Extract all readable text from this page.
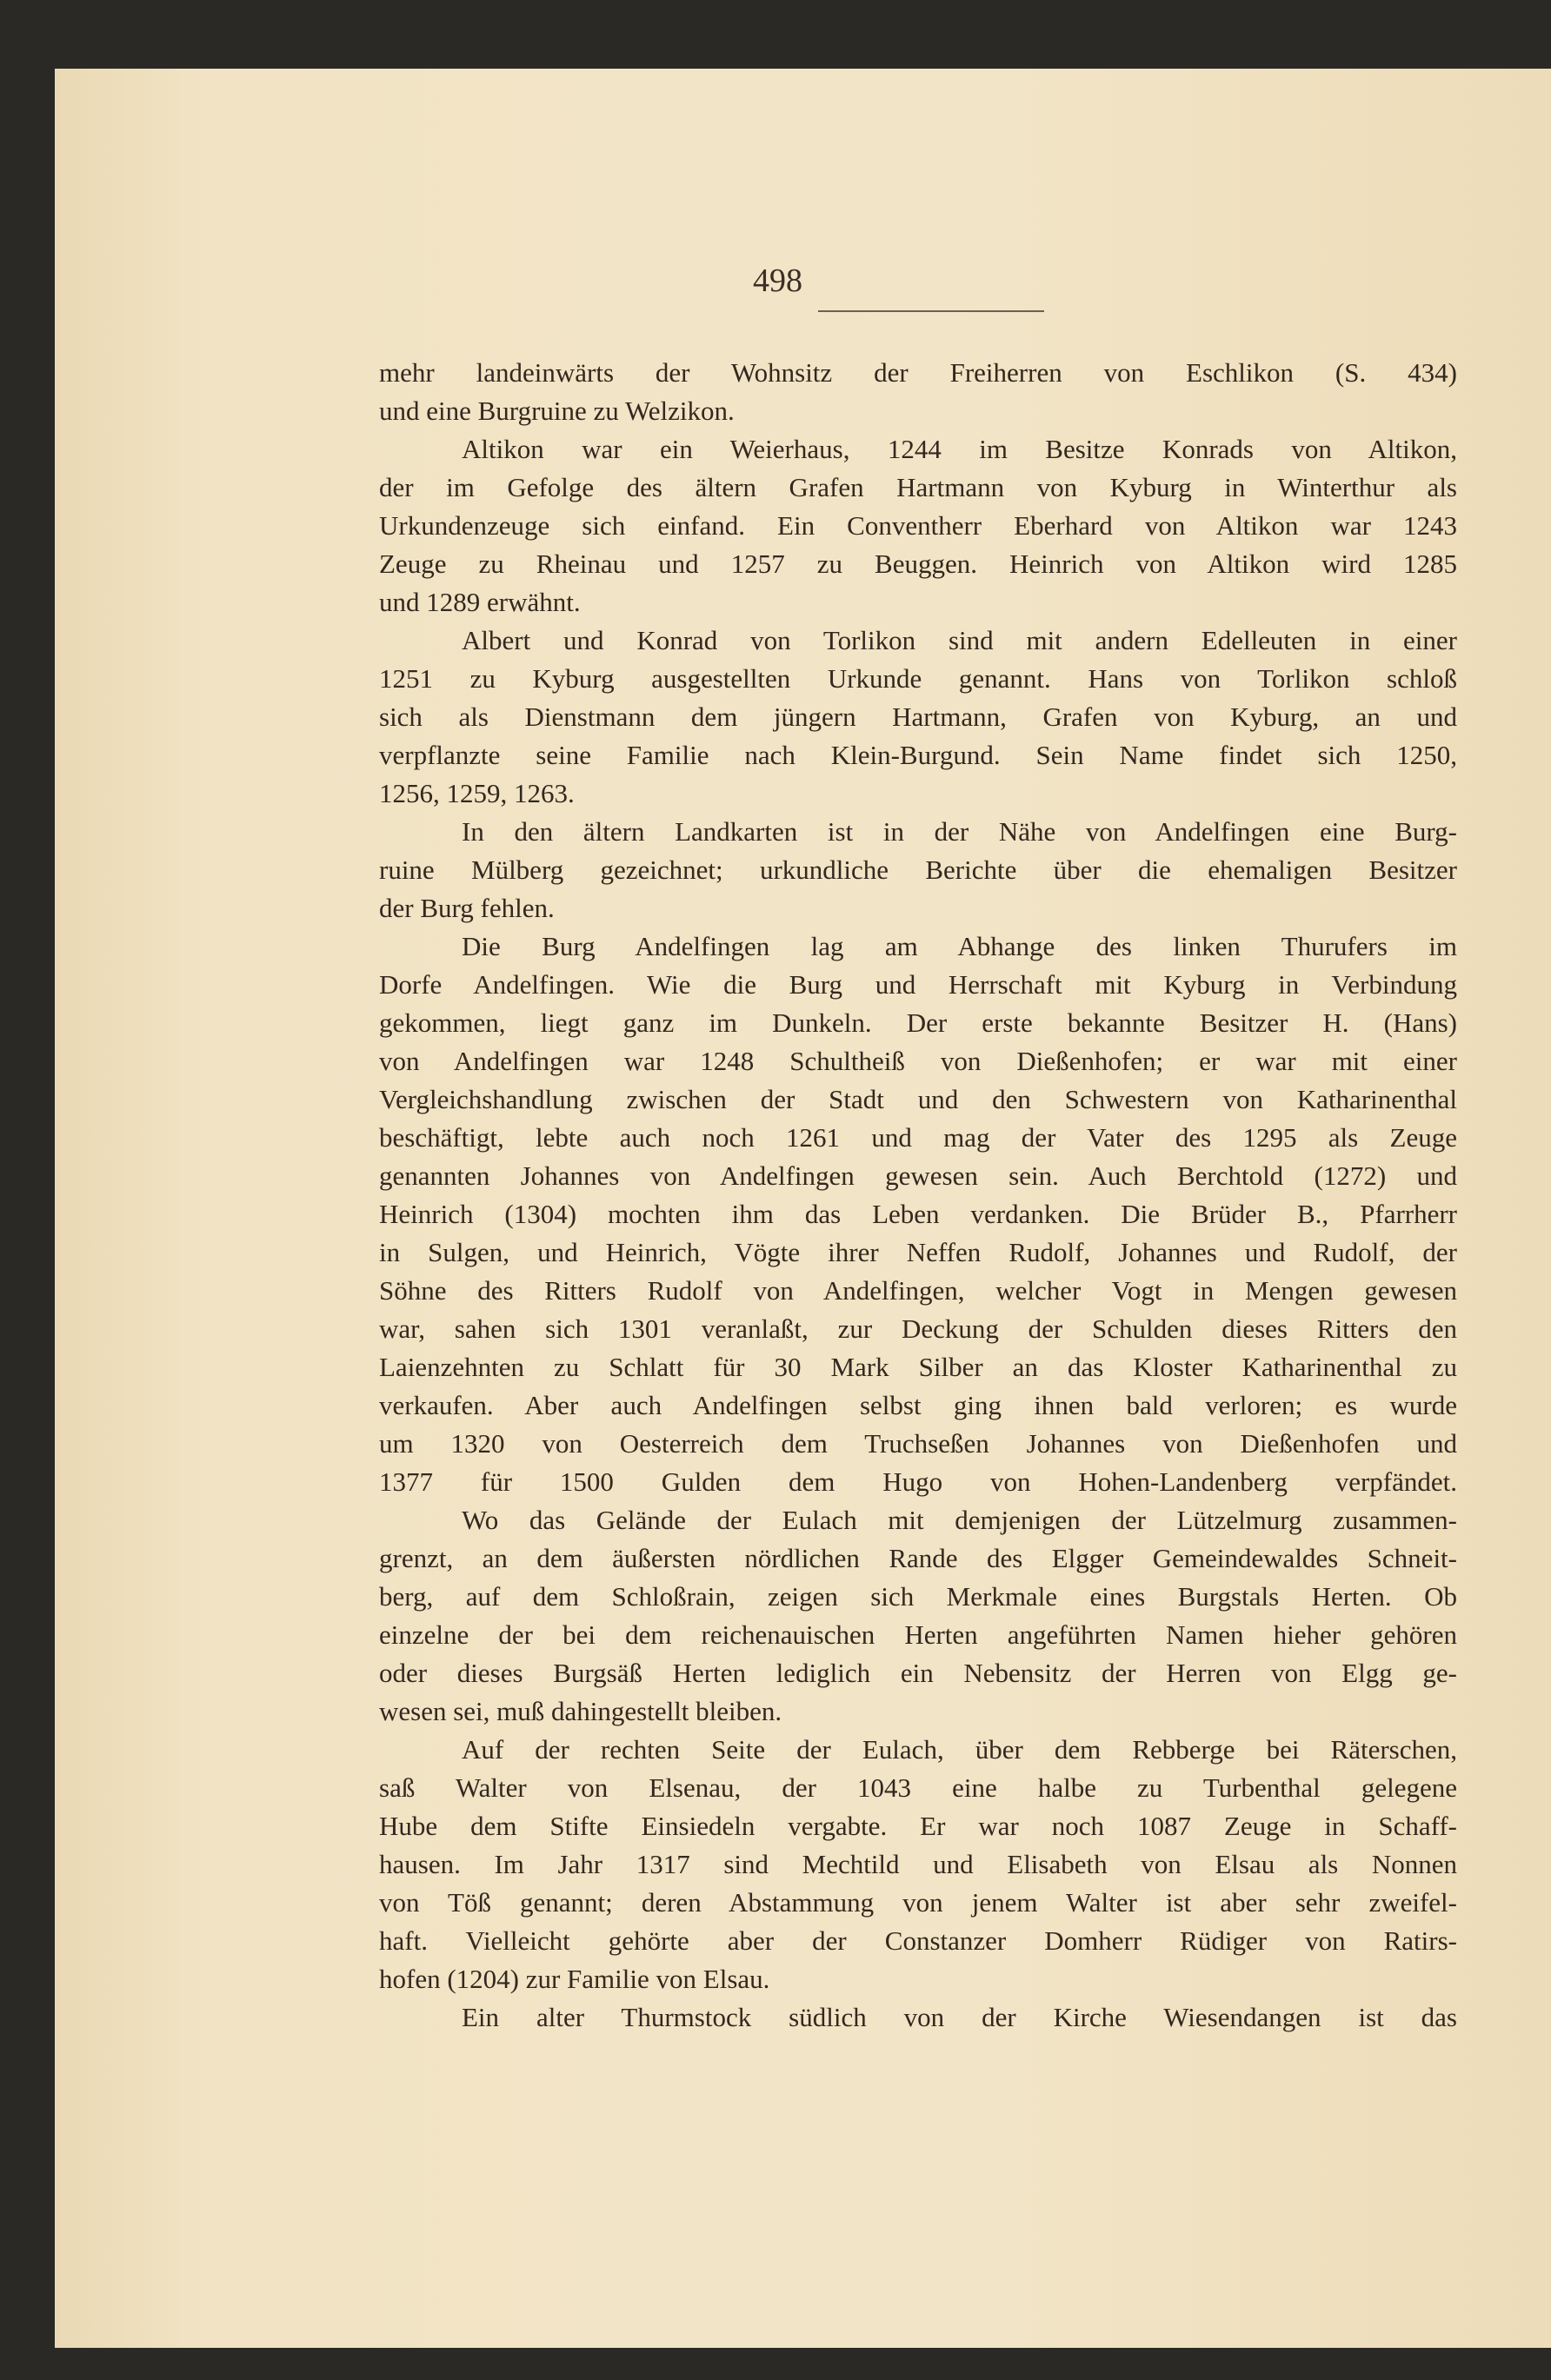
498
mehr landeinwärts der Wohnsitz der Freiherren von Eschlikon (S. 434)
und eine Burgruine zu Welzikon.
Altikon war ein Weierhaus, 1244 im Besitze Konrads von Altikon,
der im Gefolge des ältern Grafen Hartmann von Kyburg in Winterthur als
Urkundenzeuge sich einfand. Ein Conventherr Eberhard von Altikon war 1243
Zeuge zu Rheinau und 1257 zu Beuggen. Heinrich von Altikon wird 1285
und 1289 erwähnt.
Albert und Konrad von Torlikon sind mit andern Edelleuten in einer
1251 zu Kyburg ausgestellten Urkunde genannt. Hans von Torlikon schloß
sich als Dienstmann dem jüngern Hartmann, Grafen von Kyburg, an und
verpflanzte seine Familie nach Klein-Burgund. Sein Name findet sich 1250,
1256, 1259, 1263.
In den ältern Landkarten ist in der Nähe von Andelfingen eine Burg-
ruine Mülberg gezeichnet; urkundliche Berichte über die ehemaligen Besitzer
der Burg fehlen.
Die Burg Andelfingen lag am Abhange des linken Thurufers im
Dorfe Andelfingen. Wie die Burg und Herrschaft mit Kyburg in Verbindung
gekommen, liegt ganz im Dunkeln. Der erste bekannte Besitzer H. (Hans)
von Andelfingen war 1248 Schultheiß von Dießenhofen; er war mit einer
Vergleichshandlung zwischen der Stadt und den Schwestern von Katharinenthal
beschäftigt, lebte auch noch 1261 und mag der Vater des 1295 als Zeuge
genannten Johannes von Andelfingen gewesen sein. Auch Berchtold (1272) und
Heinrich (1304) mochten ihm das Leben verdanken. Die Brüder B., Pfarrherr
in Sulgen, und Heinrich, Vögte ihrer Neffen Rudolf, Johannes und Rudolf, der
Söhne des Ritters Rudolf von Andelfingen, welcher Vogt in Mengen gewesen
war, sahen sich 1301 veranlaßt, zur Deckung der Schulden dieses Ritters den
Laienzehnten zu Schlatt für 30 Mark Silber an das Kloster Katharinenthal zu
verkaufen. Aber auch Andelfingen selbst ging ihnen bald verloren; es wurde
um 1320 von Oesterreich dem Truchseßen Johannes von Dießenhofen und
1377 für 1500 Gulden dem Hugo von Hohen-Landenberg verpfändet.
Wo das Gelände der Eulach mit demjenigen der Lützelmurg zusammen-
grenzt, an dem äußersten nördlichen Rande des Elgger Gemeindewaldes Schneit-
berg, auf dem Schloßrain, zeigen sich Merkmale eines Burgstals Herten. Ob
einzelne der bei dem reichenauischen Herten angeführten Namen hieher gehören
oder dieses Burgsäß Herten lediglich ein Nebensitz der Herren von Elgg ge-
wesen sei, muß dahingestellt bleiben.
Auf der rechten Seite der Eulach, über dem Rebberge bei Räterschen,
saß Walter von Elsenau, der 1043 eine halbe zu Turbenthal gelegene
Hube dem Stifte Einsiedeln vergabte. Er war noch 1087 Zeuge in Schaff-
hausen. Im Jahr 1317 sind Mechtild und Elisabeth von Elsau als Nonnen
von Töß genannt; deren Abstammung von jenem Walter ist aber sehr zweifel-
haft. Vielleicht gehörte aber der Constanzer Domherr Rüdiger von Ratirs-
hofen (1204) zur Familie von Elsau.
Ein alter Thurmstock südlich von der Kirche Wiesendangen ist das
